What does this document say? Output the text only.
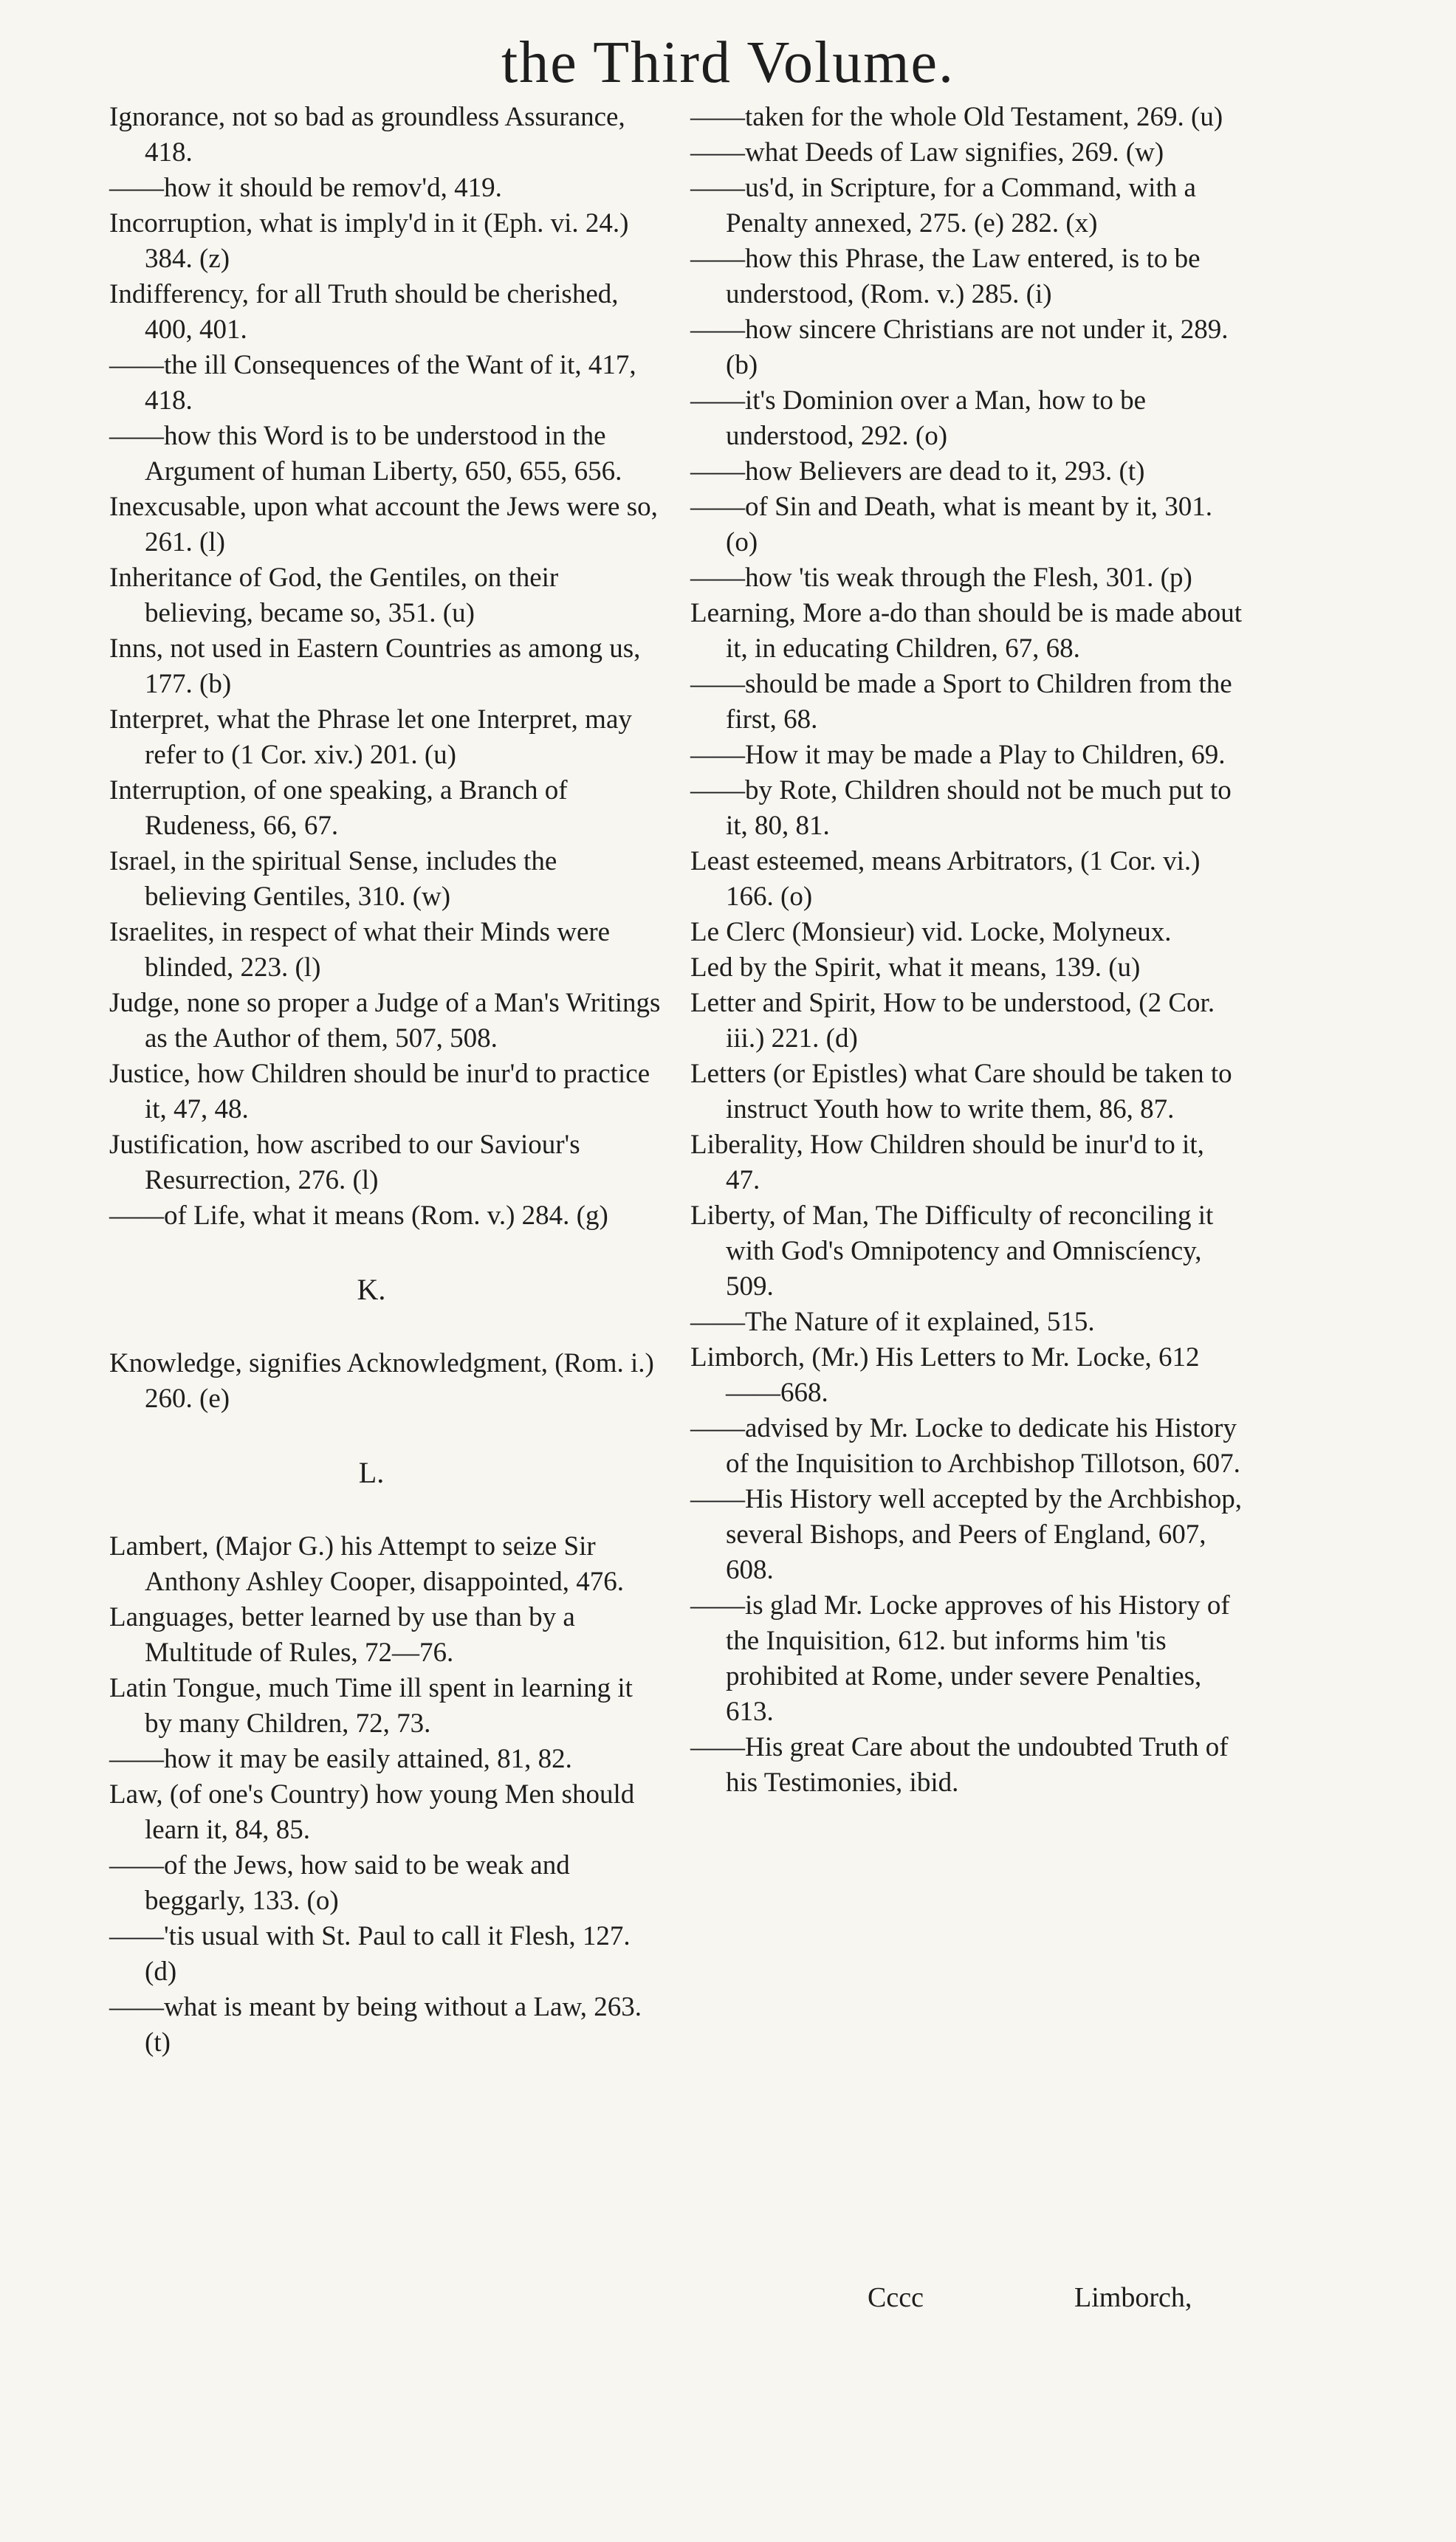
the Third Volume.
Ignorance, not so bad as groundless Assurance, 418.
——how it should be remov'd, 419.
Incorruption, what is imply'd in it (Eph. vi. 24.) 384. (z)
Indifferency, for all Truth should be cherished, 400, 401.
——the ill Consequences of the Want of it, 417, 418.
——how this Word is to be understood in the Argument of human Liberty, 650, 655, 656.
Inexcusable, upon what account the Jews were so, 261. (l)
Inheritance of God, the Gentiles, on their believing, became so, 351. (u)
Inns, not used in Eastern Countries as among us, 177. (b)
Interpret, what the Phrase let one Interpret, may refer to (1 Cor. xiv.) 201. (u)
Interruption, of one speaking, a Branch of Rudeness, 66, 67.
Israel, in the spiritual Sense, includes the believing Gentiles, 310. (w)
Israelites, in respect of what their Minds were blinded, 223. (l)
Judge, none so proper a Judge of a Man's Writings as the Author of them, 507, 508.
Justice, how Children should be inur'd to practice it, 47, 48.
Justification, how ascribed to our Saviour's Resurrection, 276. (l)
——of Life, what it means (Rom. v.) 284. (g)
K.
Knowledge, signifies Acknowledgment, (Rom. i.) 260. (e)
L.
Lambert, (Major G.) his Attempt to seize Sir Anthony Ashley Cooper, disappointed, 476.
Languages, better learned by use than by a Multitude of Rules, 72—76.
Latin Tongue, much Time ill spent in learning it by many Children, 72, 73.
——how it may be easily attained, 81, 82.
Law, (of one's Country) how young Men should learn it, 84, 85.
——of the Jews, how said to be weak and beggarly, 133. (o)
——'tis usual with St. Paul to call it Flesh, 127. (d)
——what is meant by being without a Law, 263. (t)
——taken for the whole Old Testament, 269. (u)
——what Deeds of Law signifies, 269. (w)
——us'd, in Scripture, for a Command, with a Penalty annexed, 275. (e) 282. (x)
——how this Phrase, the Law entered, is to be understood, (Rom. v.) 285. (i)
——how sincere Christians are not under it, 289. (b)
——it's Dominion over a Man, how to be understood, 292. (o)
——how Believers are dead to it, 293. (t)
——of Sin and Death, what is meant by it, 301. (o)
——how 'tis weak through the Flesh, 301. (p)
Learning, More a-do than should be is made about it, in educating Children, 67, 68.
——should be made a Sport to Children from the first, 68.
——How it may be made a Play to Children, 69.
——by Rote, Children should not be much put to it, 80, 81.
Least esteemed, means Arbitrators, (1 Cor. vi.) 166. (o)
Le Clerc (Monsieur) vid. Locke, Molyneux.
Led by the Spirit, what it means, 139. (u)
Letter and Spirit, How to be understood, (2 Cor. iii.) 221. (d)
Letters (or Epistles) what Care should be taken to instruct Youth how to write them, 86, 87.
Liberality, How Children should be inur'd to it, 47.
Liberty, of Man, The Difficulty of reconciling it with God's Omnipotency and Omniscíency, 509.
——The Nature of it explained, 515.
Limborch, (Mr.) His Letters to Mr. Locke, 612——668.
——advised by Mr. Locke to dedicate his History of the Inquisition to Archbishop Tillotson, 607.
——His History well accepted by the Archbishop, several Bishops, and Peers of England, 607, 608.
——is glad Mr. Locke approves of his History of the Inquisition, 612. but informs him 'tis prohibited at Rome, under severe Penalties, 613.
——His great Care about the undoubted Truth of his Testimonies, ibid.
Cccc	Limborch,
